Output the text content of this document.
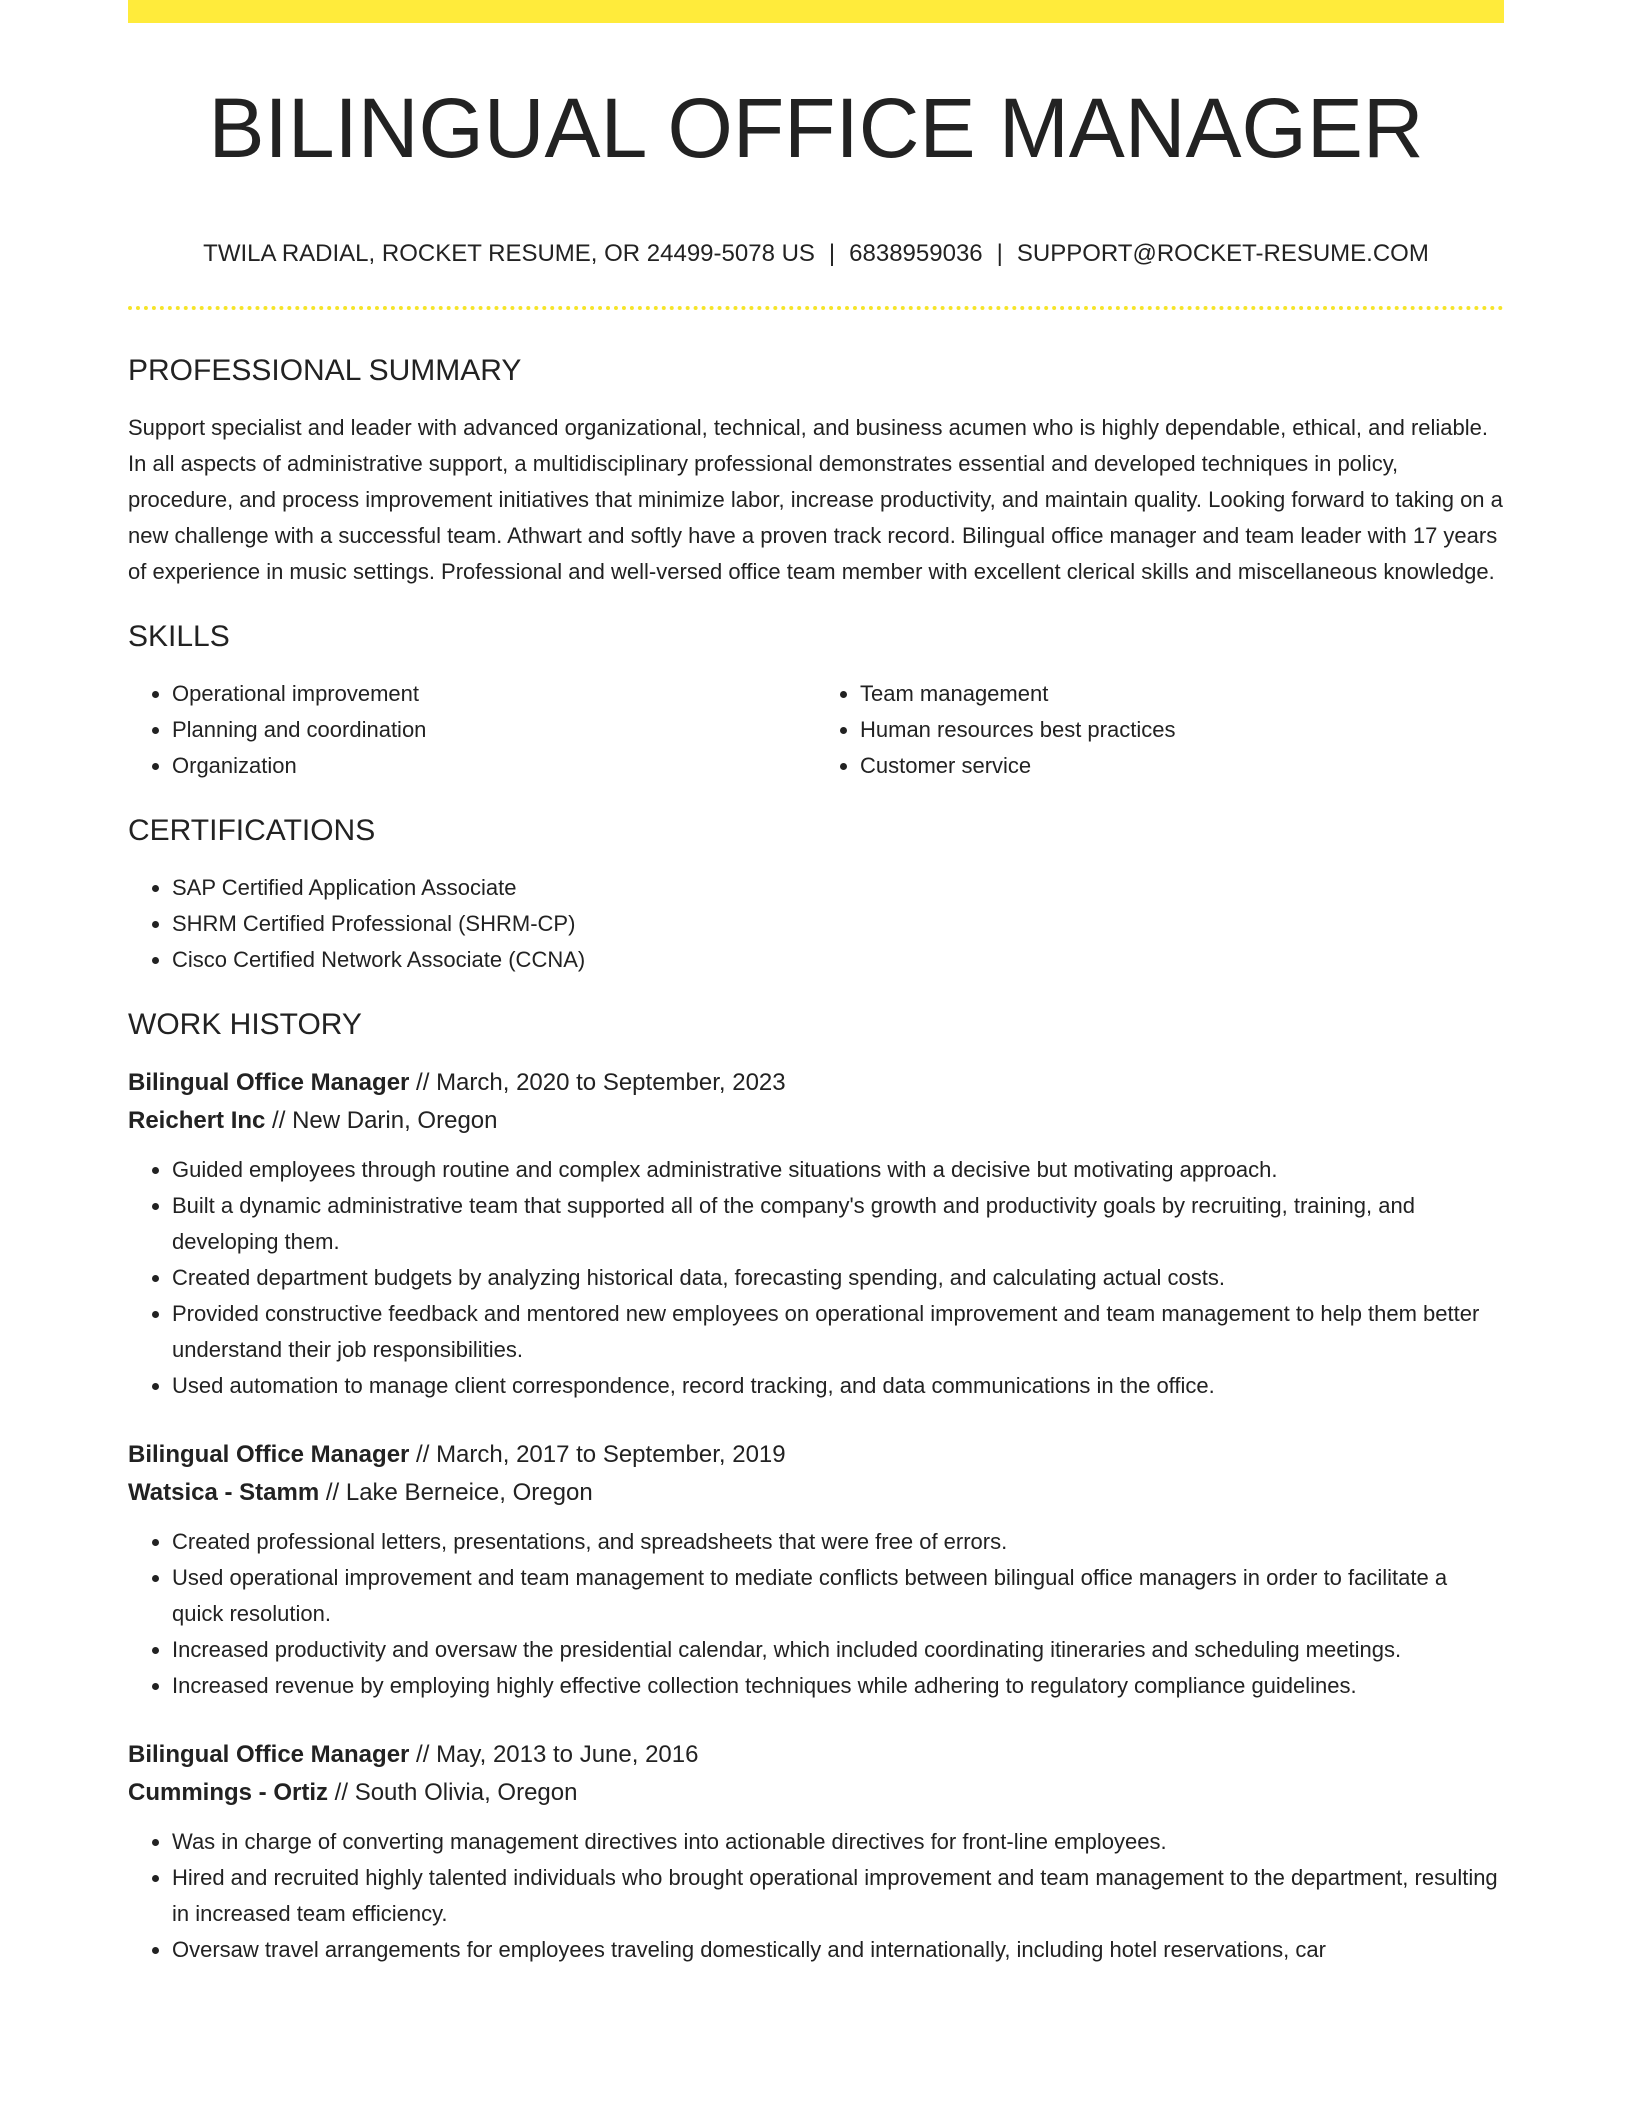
BILINGUAL OFFICE MANAGER
TWILA RADIAL, ROCKET RESUME, OR 24499-5078 US | 6838959036 | SUPPORT@ROCKET-RESUME.COM
PROFESSIONAL SUMMARY

Support specialist and leader with advanced organizational, technical, and business acumen who is highly dependable, ethical, and reliable. In all aspects of administrative support, a multidisciplinary professional demonstrates essential and developed techniques in policy, procedure, and process improvement initiatives that minimize labor, increase productivity, and maintain quality. Looking forward to taking on a new challenge with a successful team. Athwart and softly have a proven track record. Bilingual office manager and team leader with 17 years of experience in music settings. Professional and well-versed office team member with excellent clerical skills and miscellaneous knowledge.

SKILLS
• Operational improvement
• Planning and coordination
• Organization
• Team management
• Human resources best practices
• Customer service
CERTIFICATIONS
• SAP Certified Application Associate
• SHRM Certified Professional (SHRM-CP)
• Cisco Certified Network Associate (CCNA)
WORK HISTORY
Bilingual Office Manager // March, 2020 to September, 2023
Reichert Inc // New Darin, Oregon
• Guided employees through routine and complex administrative situations with a decisive but motivating approach.
• Built a dynamic administrative team that supported all of the company's growth and productivity goals by recruiting, training, and developing them.
• Created department budgets by analyzing historical data, forecasting spending, and calculating actual costs.
• Provided constructive feedback and mentored new employees on operational improvement and team management to help them better understand their job responsibilities.
• Used automation to manage client correspondence, record tracking, and data communications in the office.
Bilingual Office Manager // March, 2017 to September, 2019
Watsica - Stamm // Lake Berneice, Oregon
• Created professional letters, presentations, and spreadsheets that were free of errors.
• Used operational improvement and team management to mediate conflicts between bilingual office managers in order to facilitate a quick resolution.
• Increased productivity and oversaw the presidential calendar, which included coordinating itineraries and scheduling meetings.
• Increased revenue by employing highly effective collection techniques while adhering to regulatory compliance guidelines.
Bilingual Office Manager // May, 2013 to June, 2016
Cummings - Ortiz // South Olivia, Oregon
• Was in charge of converting management directives into actionable directives for front-line employees.
• Hired and recruited highly talented individuals who brought operational improvement and team management to the department, resulting in increased team efficiency.
• Oversaw travel arrangements for employees traveling domestically and internationally, including hotel reservations, car
